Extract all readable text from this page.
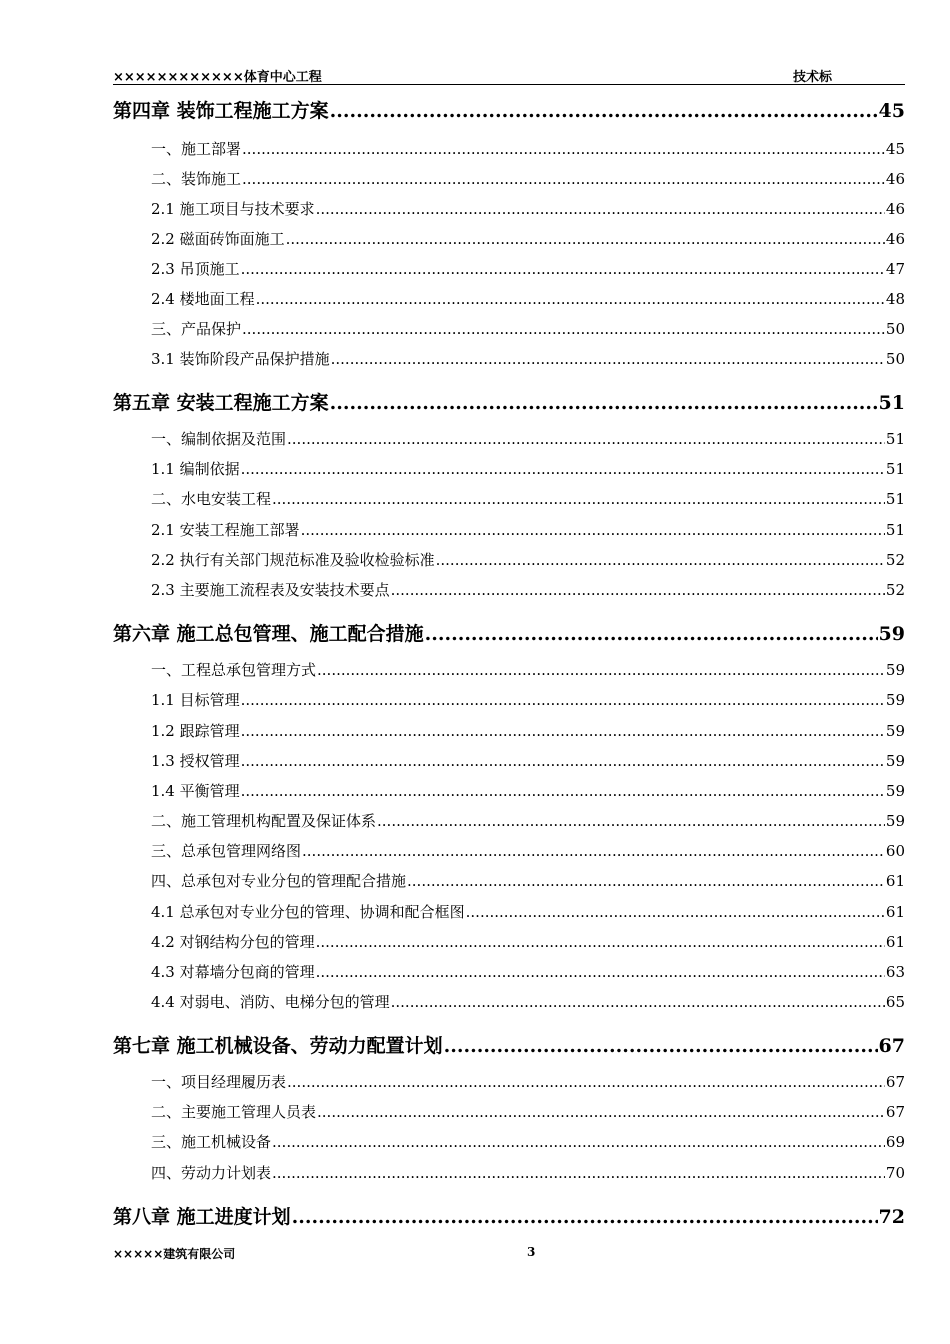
××××××××××××体育中心工程	技术标
第四章 装饰工程施工方案 .....	45
一、施工部署 .....	45
二、装饰施工 .....	46
2.1 施工项目与技术要求 .....	46
2.2 磁面砖饰面施工 .....	46
2.3 吊顶施工 .....	47
2.4 楼地面工程 .....	48
三、产品保护 .....	50
3.1 装饰阶段产品保护措施 .....	50
第五章 安装工程施工方案 .....	51
一、编制依据及范围 .....	51
1.1 编制依据 .....	51
二、水电安装工程 .....	51
2.1 安装工程施工部署 .....	51
2.2 执行有关部门规范标准及验收检验标准 .....	52
2.3 主要施工流程表及安装技术要点 .....	52
第六章 施工总包管理、施工配合措施 .....	59
一、工程总承包管理方式 .....	59
1.1 目标管理 .....	59
1.2 跟踪管理 .....	59
1.3 授权管理 .....	59
1.4 平衡管理 .....	59
二、施工管理机构配置及保证体系 .....	59
三、总承包管理网络图 .....	60
四、总承包对专业分包的管理配合措施 .....	61
4.1 总承包对专业分包的管理、协调和配合框图 .....	61
4.2 对钢结构分包的管理 .....	61
4.3 对幕墙分包商的管理 .....	63
4.4 对弱电、消防、电梯分包的管理 .....	65
第七章 施工机械设备、劳动力配置计划 .....	67
一、项目经理履历表 .....	67
二、主要施工管理人员表 .....	67
三、施工机械设备 .....	69
四、劳动力计划表 .....	70
第八章 施工进度计划 .....	72
×××××建筑有限公司	3
